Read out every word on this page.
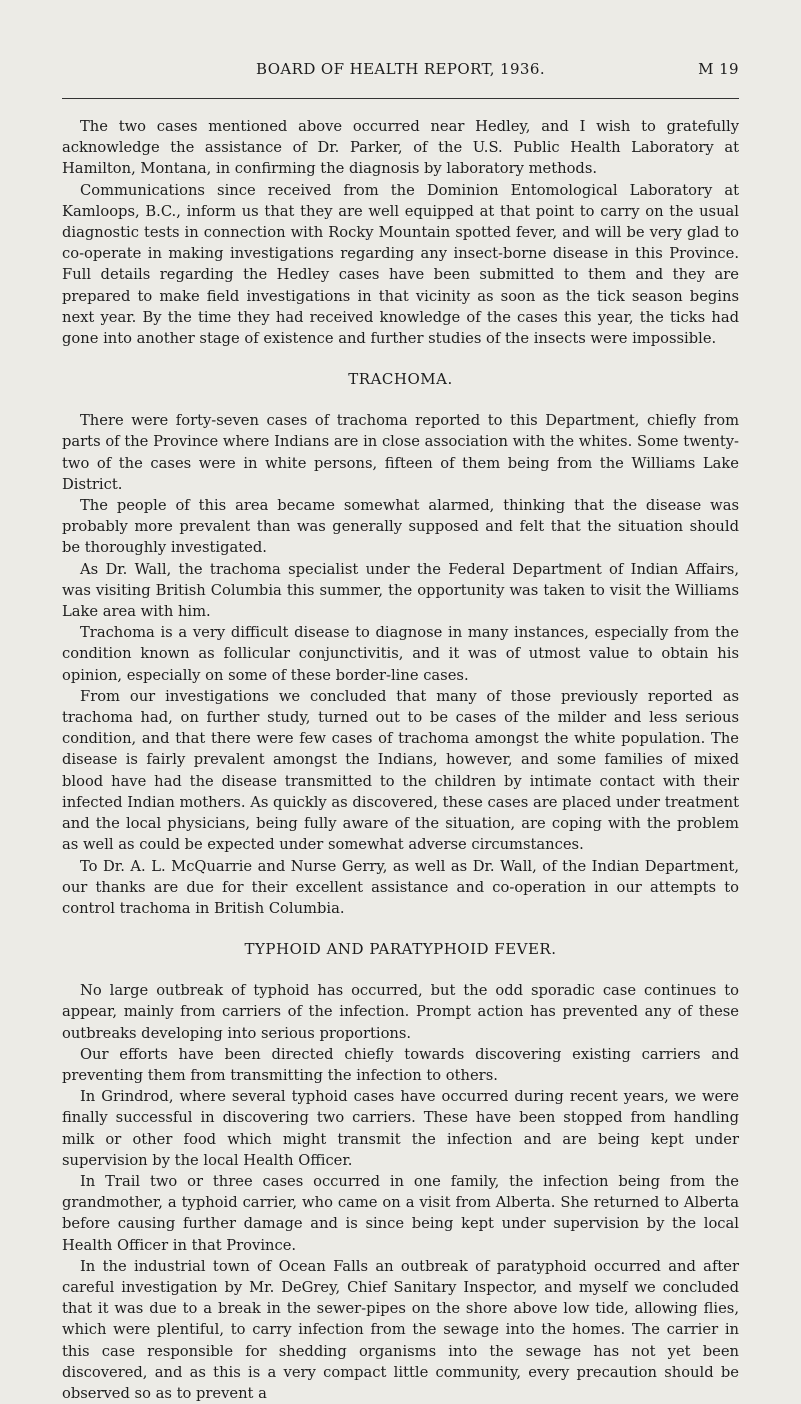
BOARD OF HEALTH REPORT, 1936.	M 19

The two cases mentioned above occurred near Hedley, and I wish to gratefully acknowledge the assistance of Dr. Parker, of the U.S. Public Health Laboratory at Hamilton, Montana, in confirming the diagnosis by laboratory methods.

Communications since received from the Dominion Entomological Laboratory at Kamloops, B.C., inform us that they are well equipped at that point to carry on the usual diagnostic tests in connection with Rocky Mountain spotted fever, and will be very glad to co-operate in making investigations regarding any insect-borne disease in this Province. Full details regarding the Hedley cases have been submitted to them and they are prepared to make field investigations in that vicinity as soon as the tick season begins next year. By the time they had received knowledge of the cases this year, the ticks had gone into another stage of existence and further studies of the insects were impossible.

TRACHOMA.

There were forty-seven cases of trachoma reported to this Department, chiefly from parts of the Province where Indians are in close association with the whites. Some twenty-two of the cases were in white persons, fifteen of them being from the Williams Lake District.

The people of this area became somewhat alarmed, thinking that the disease was probably more prevalent than was generally supposed and felt that the situation should be thoroughly investigated.

As Dr. Wall, the trachoma specialist under the Federal Department of Indian Affairs, was visiting British Columbia this summer, the opportunity was taken to visit the Williams Lake area with him.

Trachoma is a very difficult disease to diagnose in many instances, especially from the condition known as follicular conjunctivitis, and it was of utmost value to obtain his opinion, especially on some of these border-line cases.

From our investigations we concluded that many of those previously reported as trachoma had, on further study, turned out to be cases of the milder and less serious condition, and that there were few cases of trachoma amongst the white population. The disease is fairly prevalent amongst the Indians, however, and some families of mixed blood have had the disease transmitted to the children by intimate contact with their infected Indian mothers. As quickly as discovered, these cases are placed under treatment and the local physicians, being fully aware of the situation, are coping with the problem as well as could be expected under somewhat adverse circumstances.

To Dr. A. L. McQuarrie and Nurse Gerry, as well as Dr. Wall, of the Indian Department, our thanks are due for their excellent assistance and co-operation in our attempts to control trachoma in British Columbia.

TYPHOID AND PARATYPHOID FEVER.

No large outbreak of typhoid has occurred, but the odd sporadic case continues to appear, mainly from carriers of the infection. Prompt action has prevented any of these outbreaks developing into serious proportions.

Our efforts have been directed chiefly towards discovering existing carriers and preventing them from transmitting the infection to others.

In Grindrod, where several typhoid cases have occurred during recent years, we were finally successful in discovering two carriers. These have been stopped from handling milk or other food which might transmit the infection and are being kept under supervision by the local Health Officer.

In Trail two or three cases occurred in one family, the infection being from the grandmother, a typhoid carrier, who came on a visit from Alberta. She returned to Alberta before causing further damage and is since being kept under supervision by the local Health Officer in that Province.

In the industrial town of Ocean Falls an outbreak of paratyphoid occurred and after careful investigation by Mr. DeGrey, Chief Sanitary Inspector, and myself we concluded that it was due to a break in the sewer-pipes on the shore above low tide, allowing flies, which were plentiful, to carry infection from the sewage into the homes. The carrier in this case responsible for shedding organisms into the sewage has not yet been discovered, and as this is a very compact little community, every precaution should be observed so as to prevent a
